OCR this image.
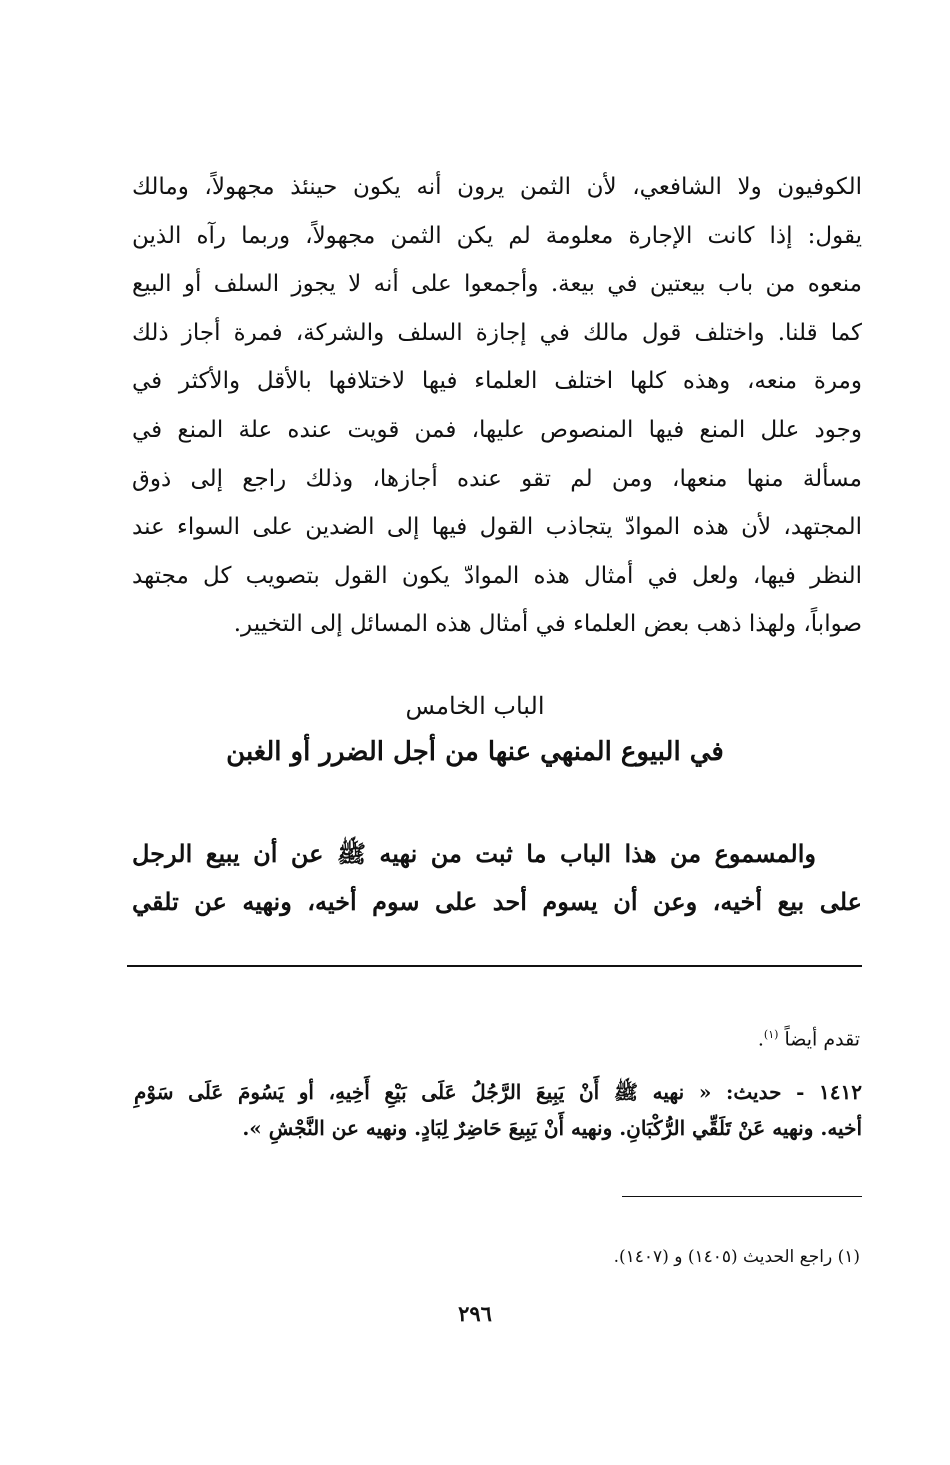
الكوفيون ولا الشافعي، لأن الثمن يرون أنه يكون حينئذ مجهولاً، ومالك
يقول: إذا كانت الإجارة معلومة لم يكن الثمن مجهولاً، وربما رآه الذين
منعوه من باب بيعتين في بيعة. وأجمعوا على أنه لا يجوز السلف أو البيع
كما قلنا. واختلف قول مالك في إجازة السلف والشركة، فمرة أجاز ذلك
ومرة منعه، وهذه كلها اختلف العلماء فيها لاختلافها بالأقل والأكثر في
وجود علل المنع فيها المنصوص عليها، فمن قويت عنده علة المنع في
مسألة منها منعها، ومن لم تقو عنده أجازها، وذلك راجع إلى ذوق
المجتهد، لأن هذه الموادّ يتجاذب القول فيها إلى الضدين على السواء عند
النظر فيها، ولعل في أمثال هذه الموادّ يكون القول بتصويب كل مجتهد
صواباً، ولهذا ذهب بعض العلماء في أمثال هذه المسائل إلى التخيير.
الباب الخامس
في البيوع المنهي عنها من أجل الضرر أو الغبن
والمسموع من هذا الباب ما ثبت من نهيه ﷺ عن أن يبيع الرجل
على بيع أخيه، وعن أن يسوم أحد على سوم أخيه، ونهيه عن تلقي
تقدم أيضاً $^{(١)}$.
١٤١٢ - حديث: « نهيه ﷺ أَنْ يَبِيعَ الرَّجُلُ عَلَى بَيْعِ أَخِيهِ، أو يَسُومَ عَلَى سَوْمِ
أخيه. ونهيه عَنْ تَلَقِّي الرُّكْبَانِ. ونهيه أَنْ يَبِيعَ حَاضِرٌ لِبَادٍ. ونهيه عن النَّجْشِ ».
(١) راجع الحديث (١٤٠٥) و (١٤٠٧).
٢٩٦
